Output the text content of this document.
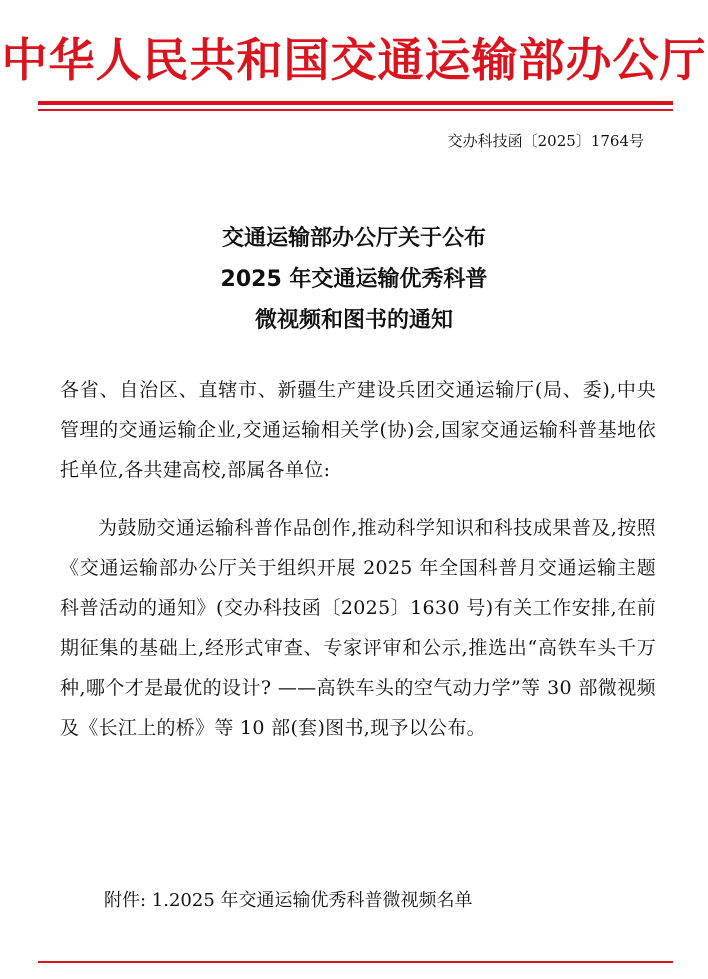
中华人民共和国交通运输部办公厅
交办科技函〔2025〕1764号
交通运输部办公厅关于公布
2025 年交通运输优秀科普
微视频和图书的通知
各省、自治区、直辖市、新疆生产建设兵团交通运输厅(局、委),中央管理的交通运输企业,交通运输相关学(协)会,国家交通运输科普基地依托单位,各共建高校,部属各单位:
为鼓励交通运输科普作品创作,推动科学知识和科技成果普及,按照《交通运输部办公厅关于组织开展 2025 年全国科普月交通运输主题科普活动的通知》(交办科技函〔2025〕1630 号)有关工作安排,在前期征集的基础上,经形式审查、专家评审和公示,推选出“高铁车头千万种,哪个才是最优的设计? ——高铁车头的空气动力学”等 30 部微视频及《长江上的桥》等 10 部(套)图书,现予以公布。
附件: 1.2025 年交通运输优秀科普微视频名单
